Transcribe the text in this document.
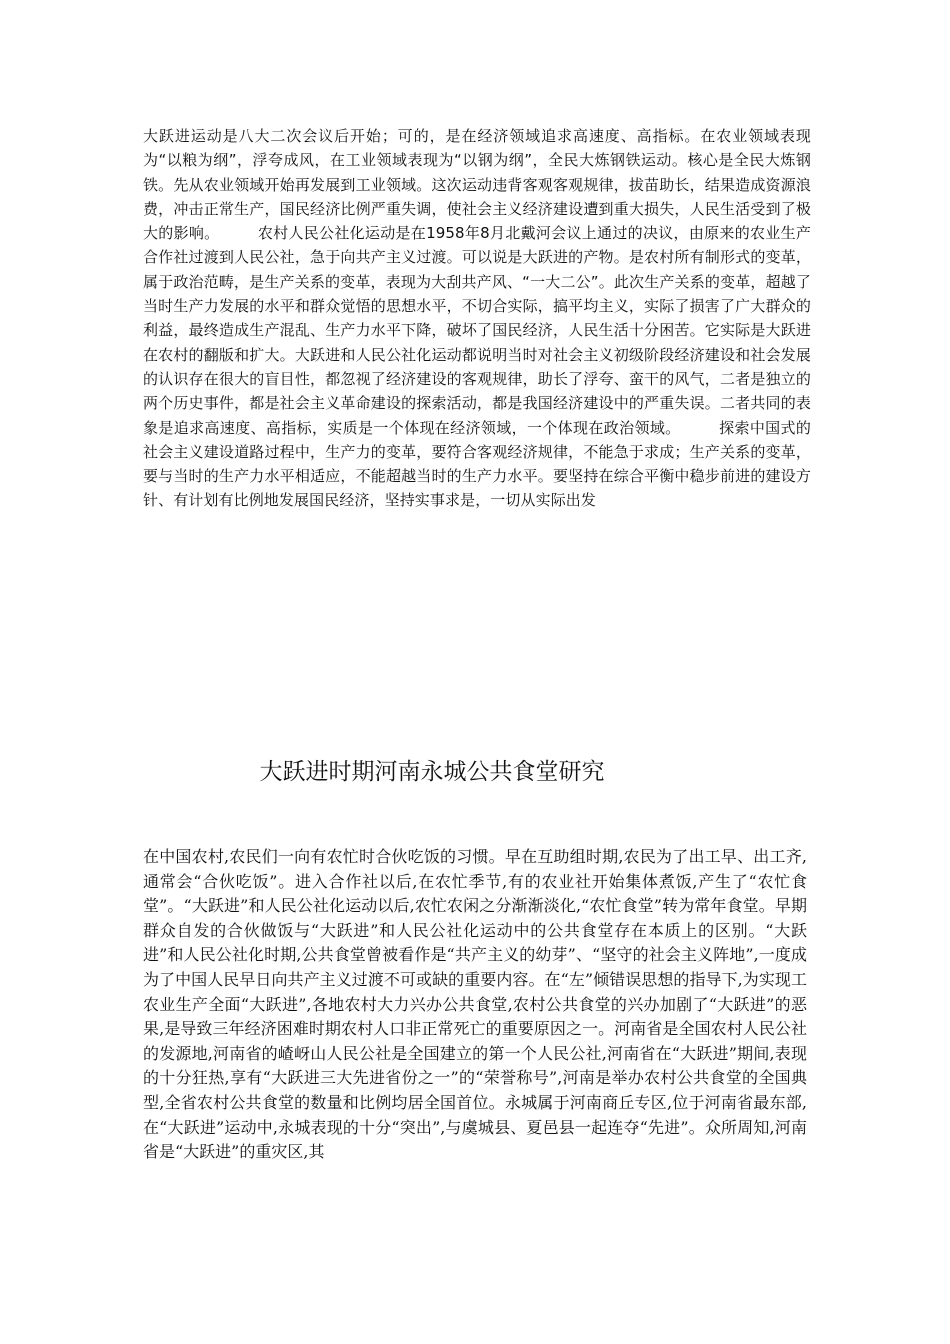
大跃进运动是八大二次会议后开始；可的，是在经济领域追求高速度、高指标。在农业领域表现为“以粮为纲”，浮夸成风，在工业领域表现为“以钢为纲”，全民大炼钢铁运动。核心是全民大炼钢铁。先从农业领域开始再发展到工业领域。这次运动违背客观客观规律，拔苗助长，结果造成资源浪费，冲击正常生产，国民经济比例严重失调，使社会主义经济建设遭到重大损失，人民生活受到了极大的影响。　　　农村人民公社化运动是在1958年8月北戴河会议上通过的决议，由原来的农业生产合作社过渡到人民公社，急于向共产主义过渡。可以说是大跃进的产物。是农村所有制形式的变革，属于政治范畴，是生产关系的变革，表现为大刮共产风、“一大二公”。此次生产关系的变革，超越了当时生产力发展的水平和群众觉悟的思想水平，不切合实际，搞平均主义，实际了损害了广大群众的利益，最终造成生产混乱、生产力水平下降，破坏了国民经济，人民生活十分困苦。它实际是大跃进在农村的翻版和扩大。大跃进和人民公社化运动都说明当时对社会主义初级阶段经济建设和社会发展的认识存在很大的盲目性，都忽视了经济建设的客观规律，助长了浮夸、蛮干的风气，二者是独立的两个历史事件，都是社会主义革命建设的探索活动，都是我国经济建设中的严重失误。二者共同的表象是追求高速度、高指标，实质是一个体现在经济领域，一个体现在政治领域。　　　探索中国式的社会主义建设道路过程中，生产力的变革，要符合客观经济规律，不能急于求成；生产关系的变革，要与当时的生产力水平相适应，不能超越当时的生产力水平。要坚持在综合平衡中稳步前进的建设方针、有计划有比例地发展国民经济，坚持实事求是，一切从实际出发

大跃进时期河南永城公共食堂研究

在中国农村,农民们一向有农忙时合伙吃饭的习惯。早在互助组时期,农民为了出工早、出工齐,通常会“合伙吃饭”。进入合作社以后,在农忙季节,有的农业社开始集体煮饭,产生了“农忙食堂”。“大跃进”和人民公社化运动以后,农忙农闲之分渐渐淡化,“农忙食堂”转为常年食堂。早期群众自发的合伙做饭与“大跃进”和人民公社化运动中的公共食堂存在本质上的区别。“大跃进”和人民公社化时期,公共食堂曾被看作是“共产主义的幼芽”、“坚守的社会主义阵地”,一度成为了中国人民早日向共产主义过渡不可或缺的重要内容。在“左”倾错误思想的指导下,为实现工农业生产全面“大跃进”,各地农村大力兴办公共食堂,农村公共食堂的兴办加剧了“大跃进”的恶果,是导致三年经济困难时期农村人口非正常死亡的重要原因之一。河南省是全国农村人民公社的发源地,河南省的嵖岈山人民公社是全国建立的第一个人民公社,河南省在“大跃进”期间,表现的十分狂热,享有“大跃进三大先进省份之一”的“荣誉称号”,河南是举办农村公共食堂的全国典型,全省农村公共食堂的数量和比例均居全国首位。永城属于河南商丘专区,位于河南省最东部,在“大跃进”运动中,永城表现的十分“突出”,与虞城县、夏邑县一起连夺“先进”。众所周知,河南省是“大跃进”的重灾区,其
